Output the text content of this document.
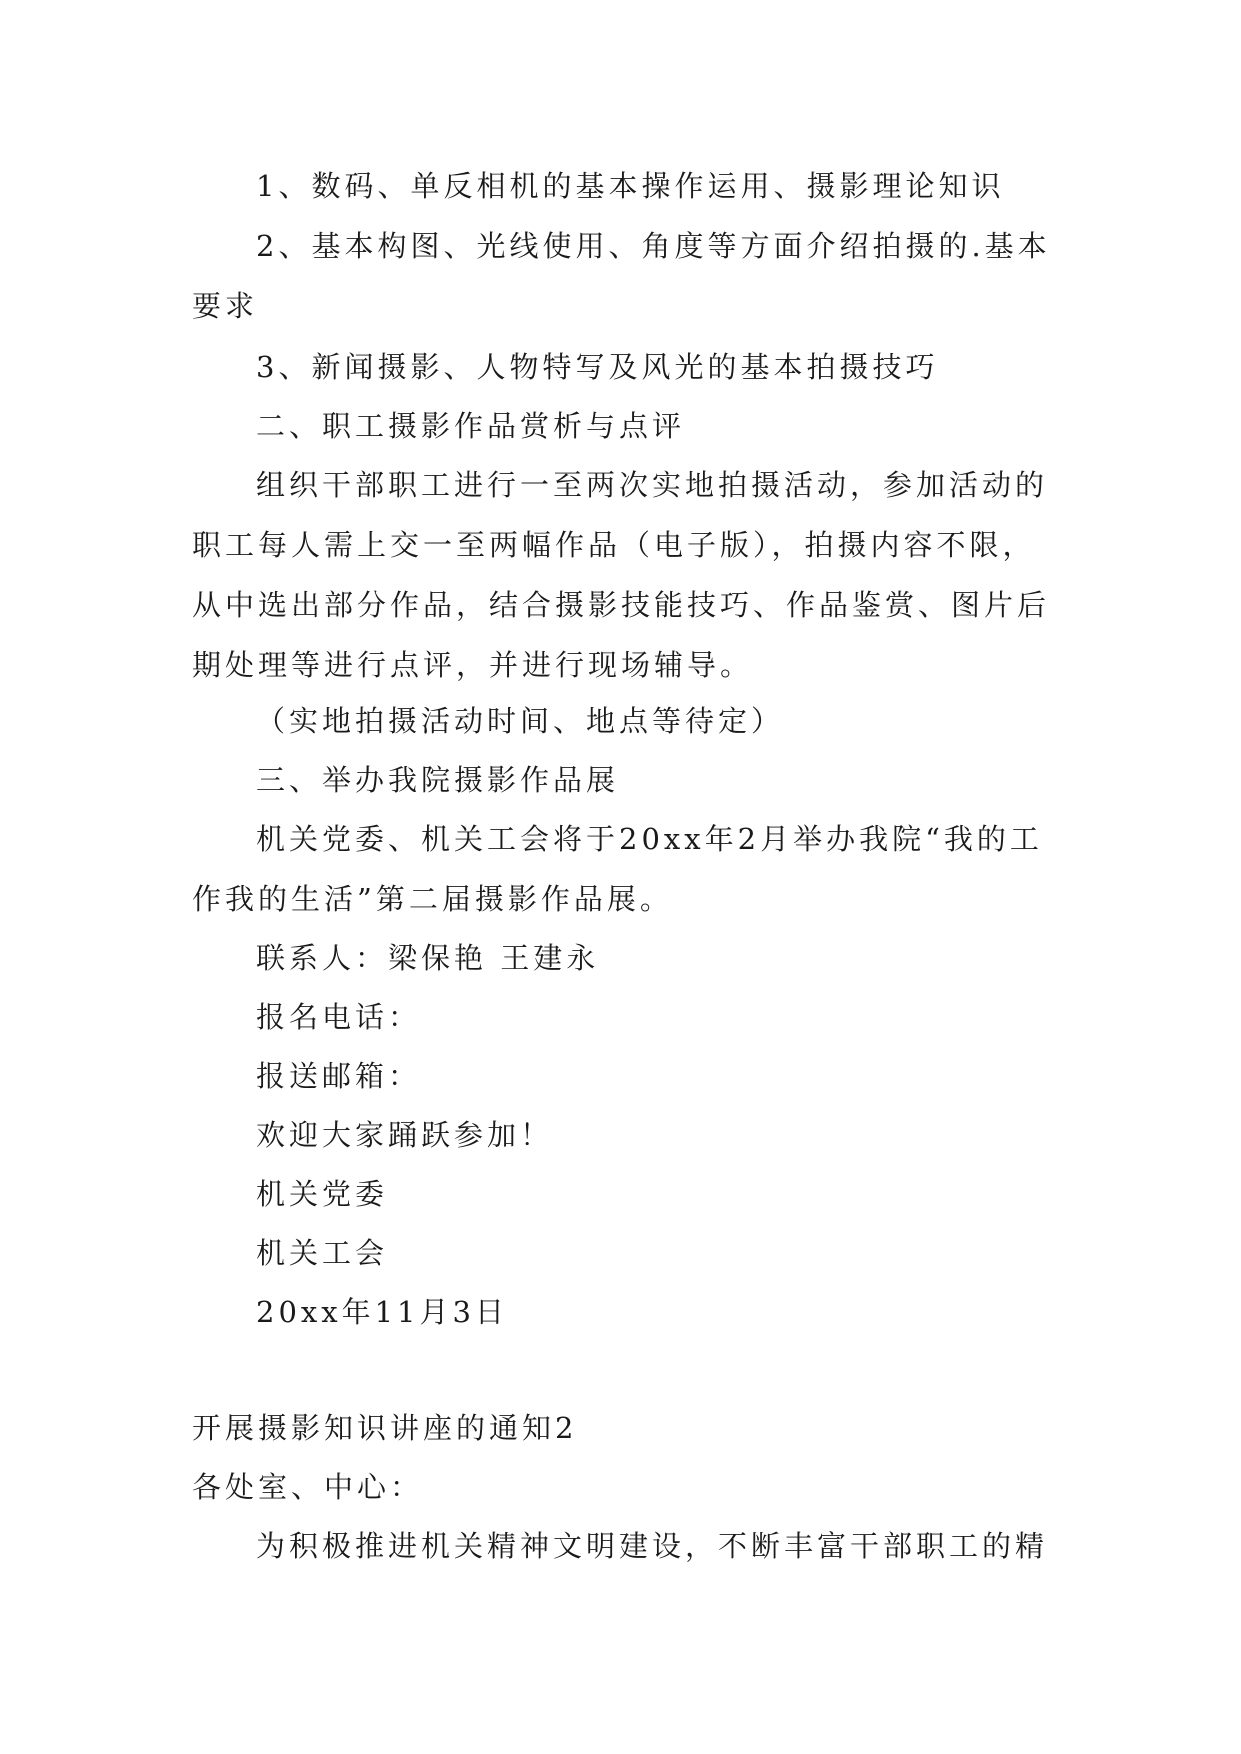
1、数码、单反相机的基本操作运用、摄影理论知识

2、基本构图、光线使用、角度等方面介绍拍摄的.基本要求

3、新闻摄影、人物特写及风光的基本拍摄技巧

二、职工摄影作品赏析与点评

组织干部职工进行一至两次实地拍摄活动，参加活动的职工每人需上交一至两幅作品（电子版），拍摄内容不限，从中选出部分作品，结合摄影技能技巧、作品鉴赏、图片后期处理等进行点评，并进行现场辅导。

（实地拍摄活动时间、地点等待定）

三、举办我院摄影作品展

机关党委、机关工会将于20xx年2月举办我院“我的工作我的生活”第二届摄影作品展。

联系人：梁保艳 王建永

报名电话：

报送邮箱：

欢迎大家踊跃参加！

机关党委

机关工会

20xx年11月3日

开展摄影知识讲座的通知2

各处室、中心：

为积极推进机关精神文明建设，不断丰富干部职工的精
